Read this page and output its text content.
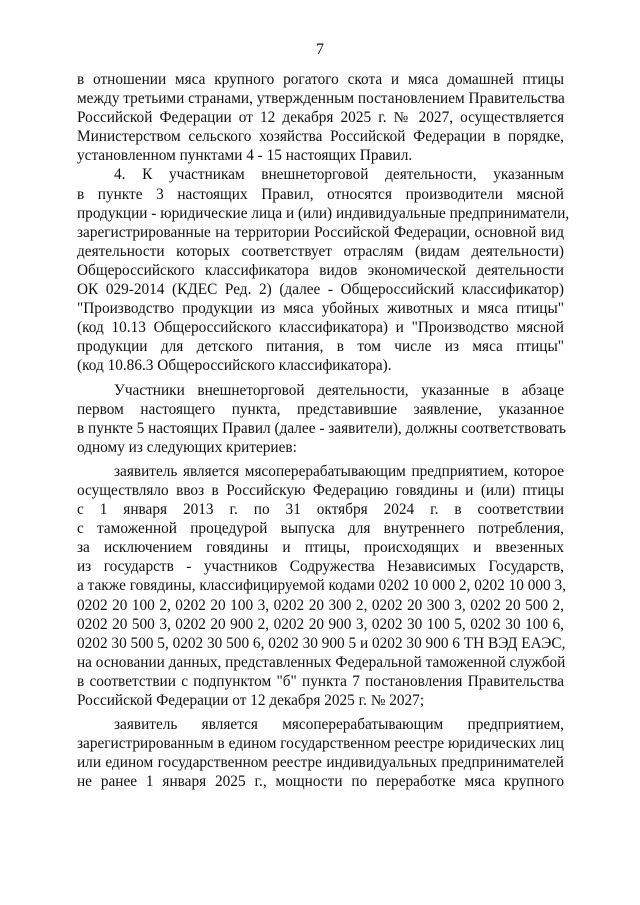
7
в отношении мяса крупного рогатого скота и мяса домашней птицы
между третьими странами, утвержденным постановлением Правительства
Российской Федерации от 12 декабря 2025 г. № 2027, осуществляется
Министерством сельского хозяйства Российской Федерации в порядке,
установленном пунктами 4 - 15 настоящих Правил.
4. К участникам внешнеторговой деятельности, указанным
в пункте 3 настоящих Правил, относятся производители мясной
продукции - юридические лица и (или) индивидуальные предприниматели,
зарегистрированные на территории Российской Федерации, основной вид
деятельности которых соответствует отраслям (видам деятельности)
Общероссийского классификатора видов экономической деятельности
ОК 029-2014 (КДЕС Ред. 2) (далее - Общероссийский классификатор)
"Производство продукции из мяса убойных животных и мяса птицы"
(код 10.13 Общероссийского классификатора) и "Производство мясной
продукции для детского питания, в том числе из мяса птицы"
(код 10.86.3 Общероссийского классификатора).
Участники внешнеторговой деятельности, указанные в абзаце
первом настоящего пункта, представившие заявление, указанное
в пункте 5 настоящих Правил (далее - заявители), должны соответствовать
одному из следующих критериев:
заявитель является мясоперерабатывающим предприятием, которое
осуществляло ввоз в Российскую Федерацию говядины и (или) птицы
с 1 января 2013 г. по 31 октября 2024 г. в соответствии
с таможенной процедурой выпуска для внутреннего потребления,
за исключением говядины и птицы, происходящих и ввезенных
из государств - участников Содружества Независимых Государств,
а также говядины, классифицируемой кодами 0202 10 000 2, 0202 10 000 3,
0202 20 100 2, 0202 20 100 3, 0202 20 300 2, 0202 20 300 3, 0202 20 500 2,
0202 20 500 3, 0202 20 900 2, 0202 20 900 3, 0202 30 100 5, 0202 30 100 6,
0202 30 500 5, 0202 30 500 6, 0202 30 900 5 и 0202 30 900 6 ТН ВЭД ЕАЭС,
на основании данных, представленных Федеральной таможенной службой
в соответствии с подпунктом "б" пункта 7 постановления Правительства
Российской Федерации от 12 декабря 2025 г. № 2027;
заявитель является мясоперерабатывающим предприятием,
зарегистрированным в едином государственном реестре юридических лиц
или едином государственном реестре индивидуальных предпринимателей
не ранее 1 января 2025 г., мощности по переработке мяса крупного
